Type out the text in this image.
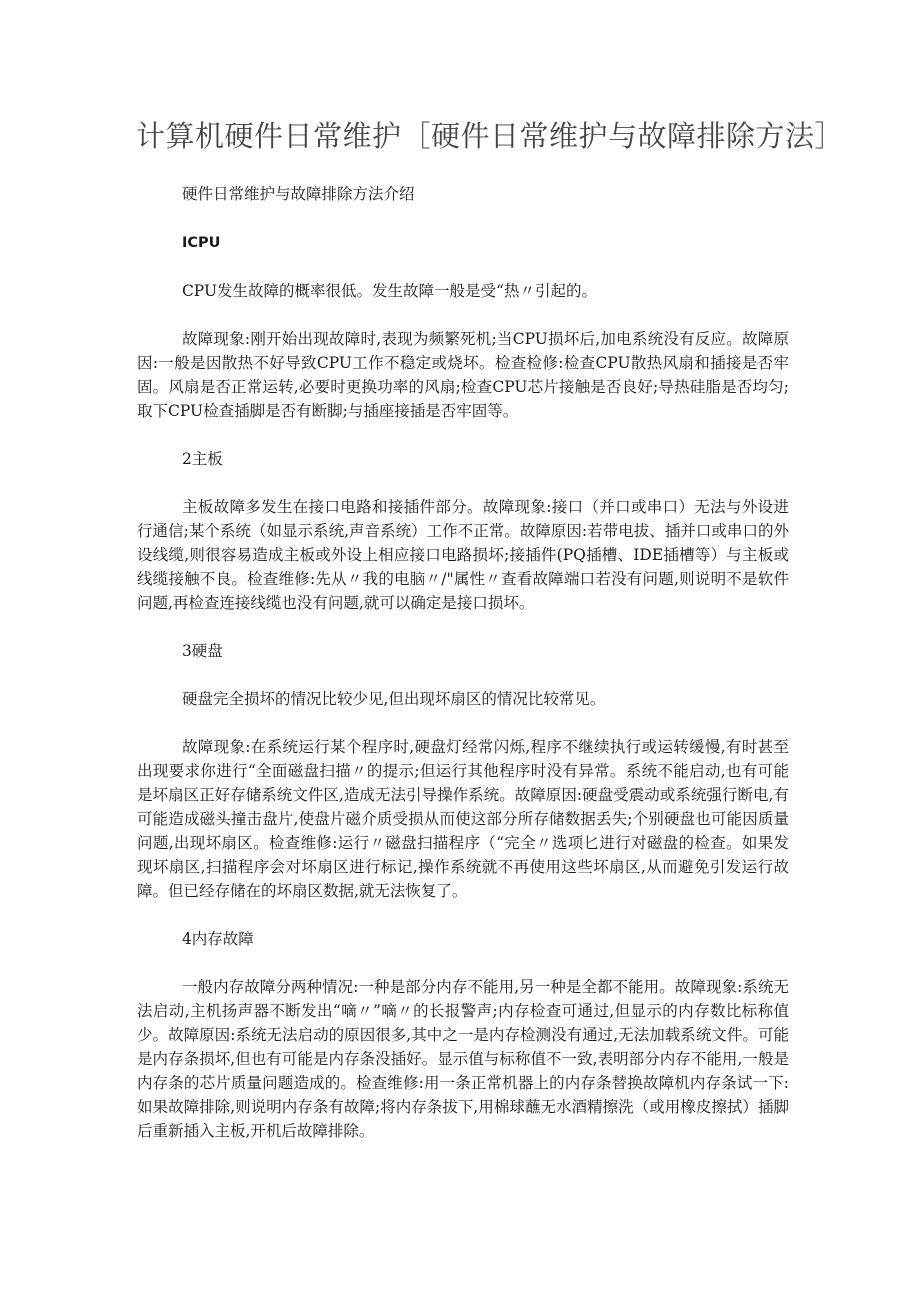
计算机硬件日常维护［硬件日常维护与故障排除方法］

硬件日常维护与故障排除方法介绍

ICPU

CPU发生故障的概率很低。发生故障一般是受“热〃引起的。

故障现象:刚开始出现故障时,表现为频繁死机;当CPU损坏后,加电系统没有反应。故障原因:一般是因散热不好导致CPU工作不稳定或烧坏。检查检修:检查CPU散热风扇和插接是否牢固。风扇是否正常运转,必要时更换功率的风扇;检查CPU芯片接触是否良好;导热硅脂是否均匀;取下CPU检查插脚是否有断脚;与插座接插是否牢固等。

2主板

主板故障多发生在接口电路和接插件部分。故障现象:接口（并口或串口）无法与外设进行通信;某个系统（如显示系统,声音系统）工作不正常。故障原因:若带电拔、插并口或串口的外设线缆,则很容易造成主板或外设上相应接口电路损坏;接插件(PQ插槽、IDE插槽等）与主板或线缆接触不良。检查维修:先从〃我的电脑〃/"属性〃查看故障端口若没有问题,则说明不是软件问题,再检查连接线缆也没有问题,就可以确定是接口损坏。

3硬盘

硬盘完全损坏的情况比较少见,但出现坏扇区的情况比较常见。

故障现象:在系统运行某个程序时,硬盘灯经常闪烁,程序不继续执行或运转缓慢,有时甚至出现要求你进行“全面磁盘扫描〃的提示;但运行其他程序时没有异常。系统不能启动,也有可能是坏扇区正好存储系统文件区,造成无法引导操作系统。故障原因:硬盘受震动或系统强行断电,有可能造成磁头撞击盘片,使盘片磁介质受损从而使这部分所存储数据丢失;个别硬盘也可能因质量问题,出现坏扇区。检查维修:运行〃磁盘扫描程序（“完全〃选项匕进行对磁盘的检查。如果发现坏扇区,扫描程序会对坏扇区进行标记,操作系统就不再使用这些坏扇区,从而避免引发运行故障。但已经存储在的坏扇区数据,就无法恢复了。

4内存故障

一般内存故障分两种情况:一种是部分内存不能用,另一种是全都不能用。故障现象:系统无法启动,主机扬声器不断发出“嘀〃”嘀〃的长报警声;内存检查可通过,但显示的内存数比标称值少。故障原因:系统无法启动的原因很多,其中之一是内存检测没有通过,无法加载系统文件。可能是内存条损坏,但也有可能是内存条没插好。显示值与标称值不一致,表明部分内存不能用,一般是内存条的芯片质量问题造成的。检查维修:用一条正常机器上的内存条替换故障机内存条试一下:如果故障排除,则说明内存条有故障;将内存条拔下,用棉球蘸无水酒精擦洗（或用橡皮擦拭）插脚后重新插入主板,开机后故障排除。
